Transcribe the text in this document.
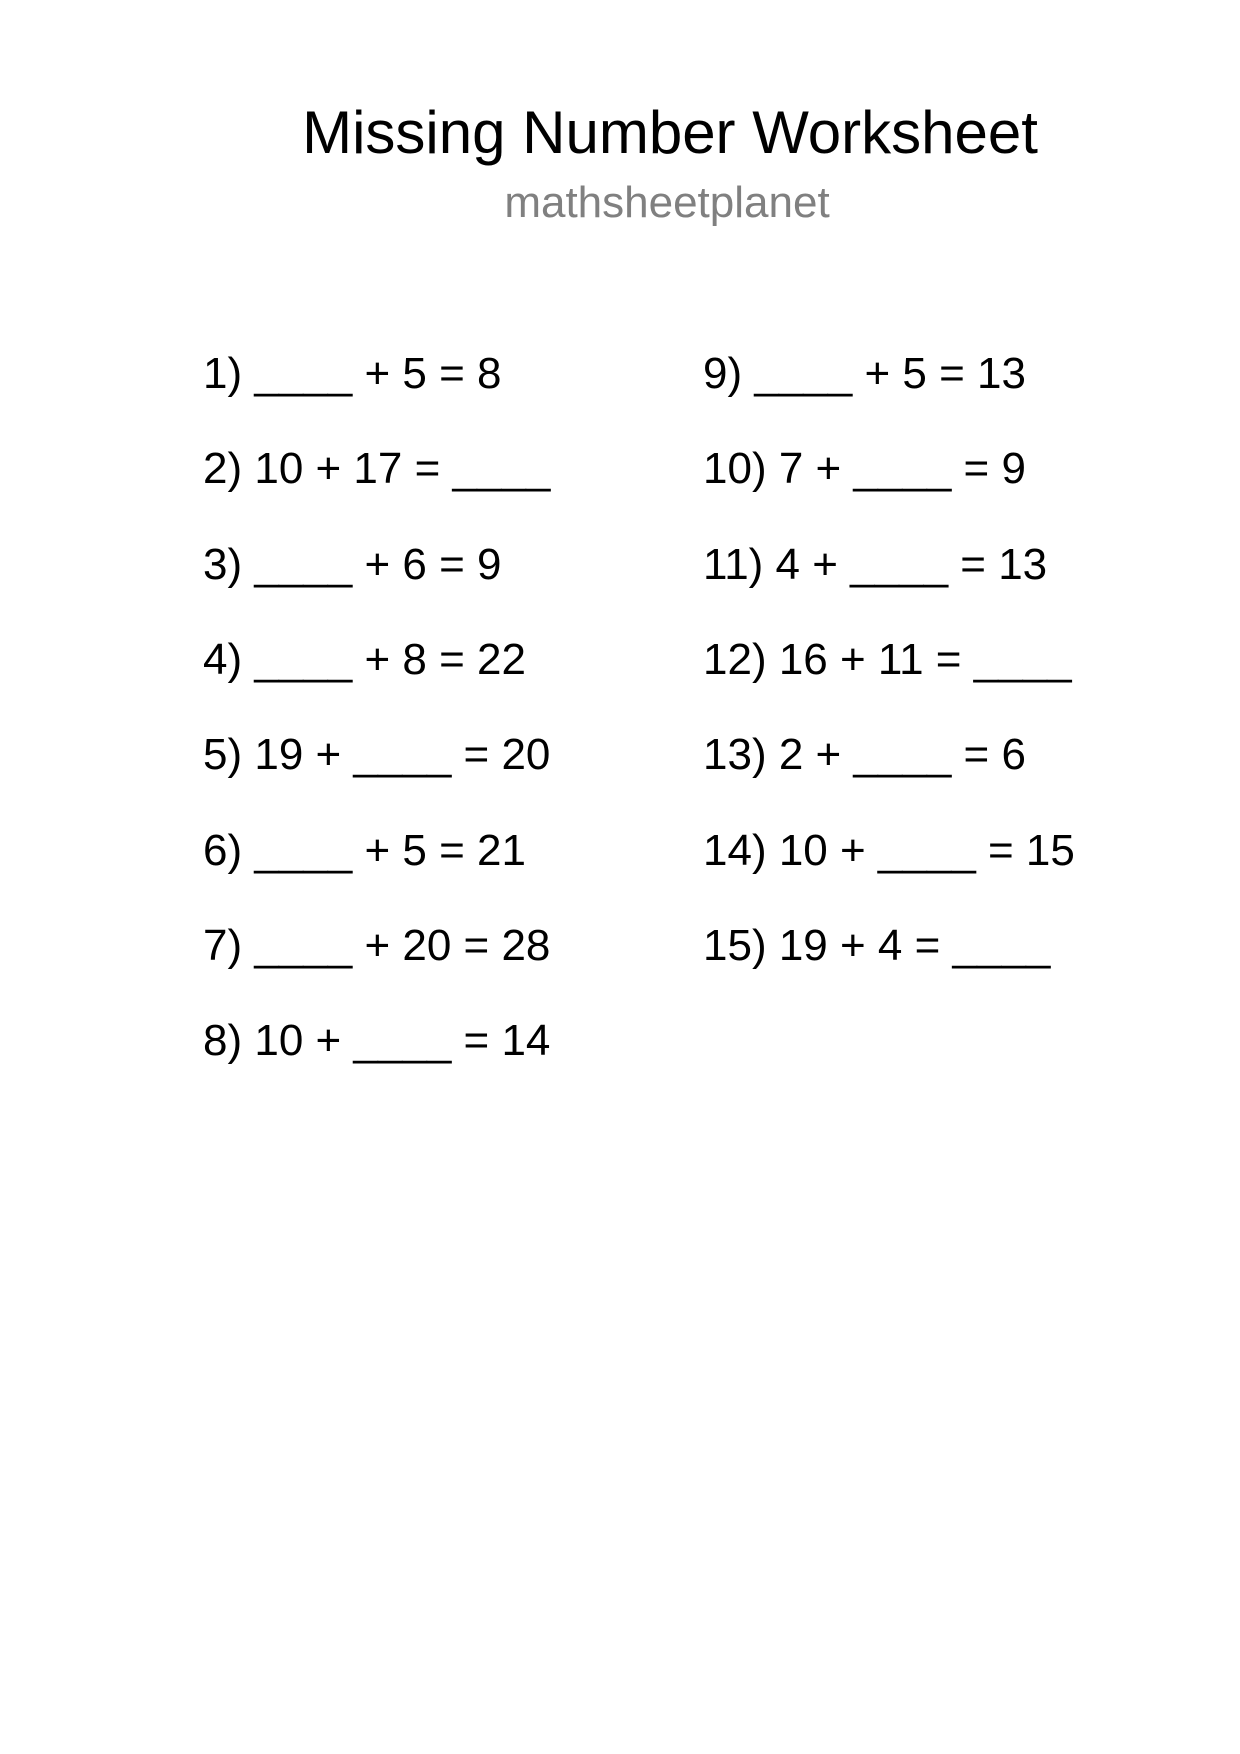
Missing Number Worksheet
mathsheetplanet
1) ____ + 5 = 8
2) 10 + 17 = ____
3) ____ + 6 = 9
4) ____ + 8 = 22
5) 19 + ____ = 20
6) ____ + 5 = 21
7) ____ + 20 = 28
8) 10 + ____ = 14
9) ____ + 5 = 13
10) 7 + ____ = 9
11) 4 + ____ = 13
12) 16 + 11 = ____
13) 2 + ____ = 6
14) 10 + ____ = 15
15) 19 + 4 = ____
